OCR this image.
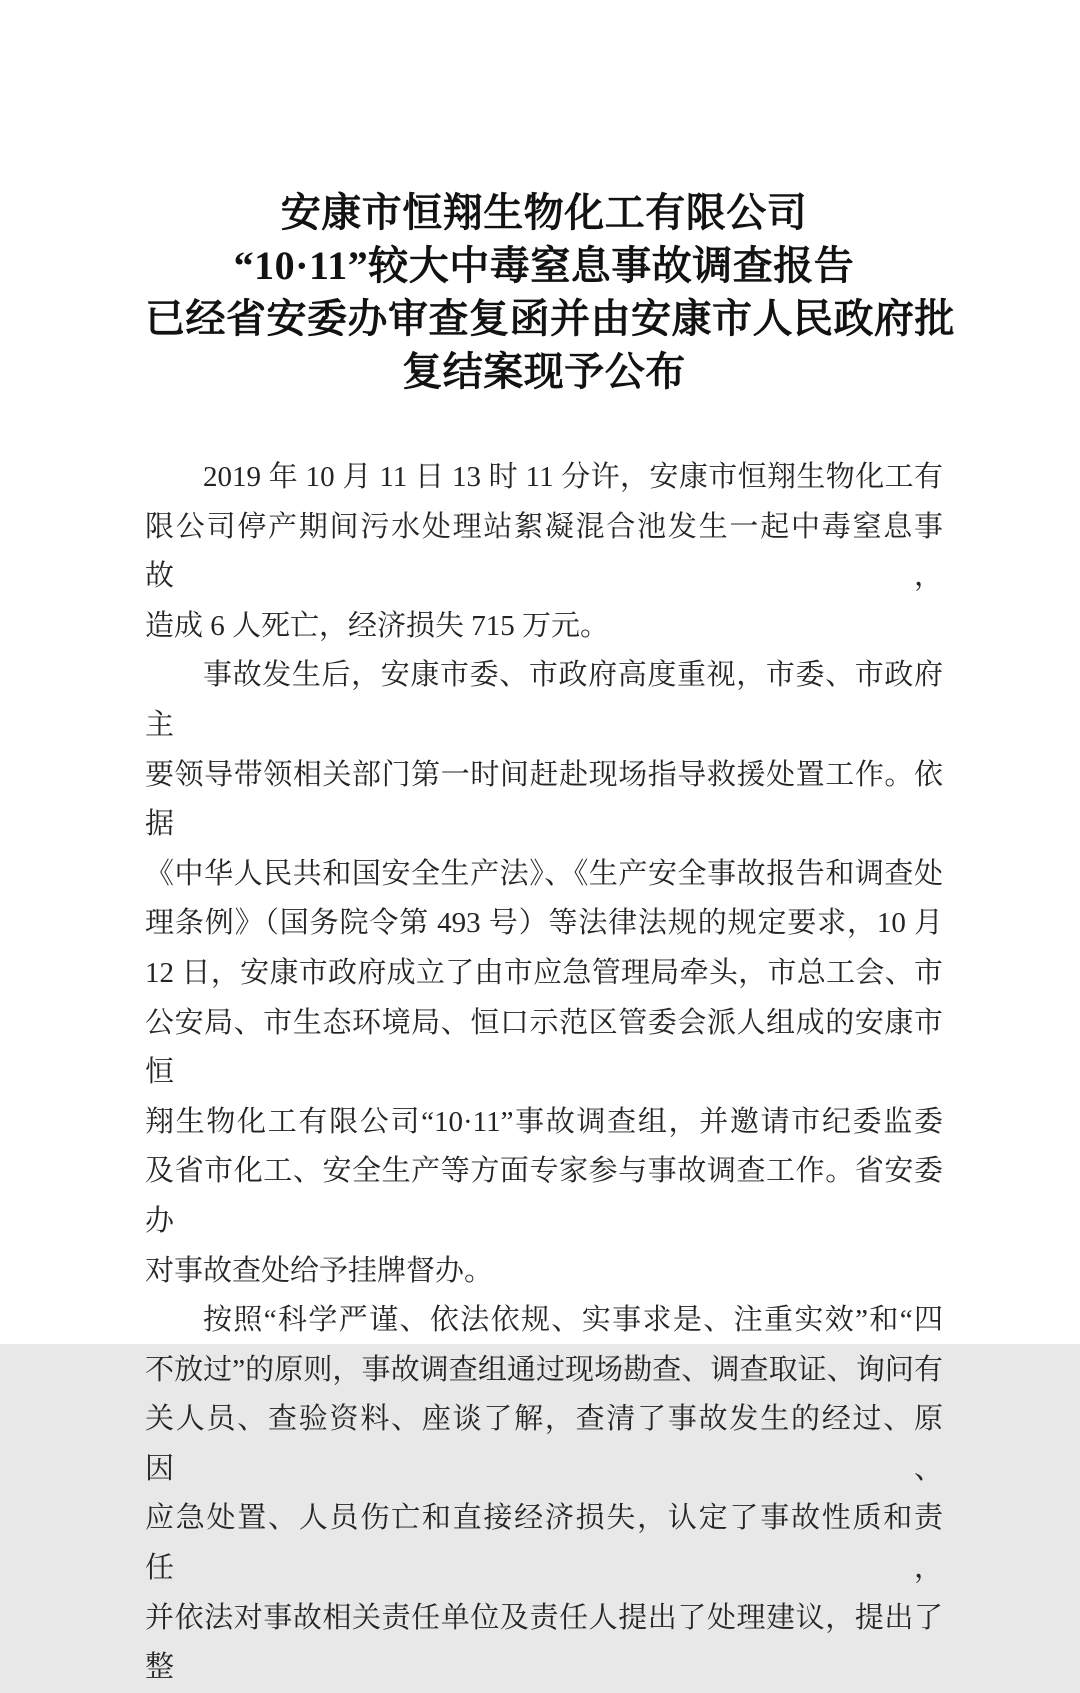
安康市恒翔生物化工有限公司
“10·11”较大中毒窒息事故调查报告
已经省安委办审查复函并由安康市人民政府批
复结案现予公布
2019 年 10 月 11 日 13 时 11 分许，安康市恒翔生物化工有
限公司停产期间污水处理站絮凝混合池发生一起中毒窒息事故，
造成 6 人死亡，经济损失 715 万元。
事故发生后，安康市委、市政府高度重视，市委、市政府主
要领导带领相关部门第一时间赶赴现场指导救援处置工作。依据
《中华人民共和国安全生产法》、《生产安全事故报告和调查处
理条例》（国务院令第 493 号）等法律法规的规定要求，10 月
12 日，安康市政府成立了由市应急管理局牵头，市总工会、市
公安局、市生态环境局、恒口示范区管委会派人组成的安康市恒
翔生物化工有限公司“10·11”事故调查组，并邀请市纪委监委
及省市化工、安全生产等方面专家参与事故调查工作。省安委办
对事故查处给予挂牌督办。
按照“科学严谨、依法依规、实事求是、注重实效”和“四
不放过”的原则，事故调查组通过现场勘查、调查取证、询问有
关人员、查验资料、座谈了解，查清了事故发生的经过、原因、
应急处置、人员伤亡和直接经济损失，认定了事故性质和责任，
并依法对事故相关责任单位及责任人提出了处理建议，提出了整
